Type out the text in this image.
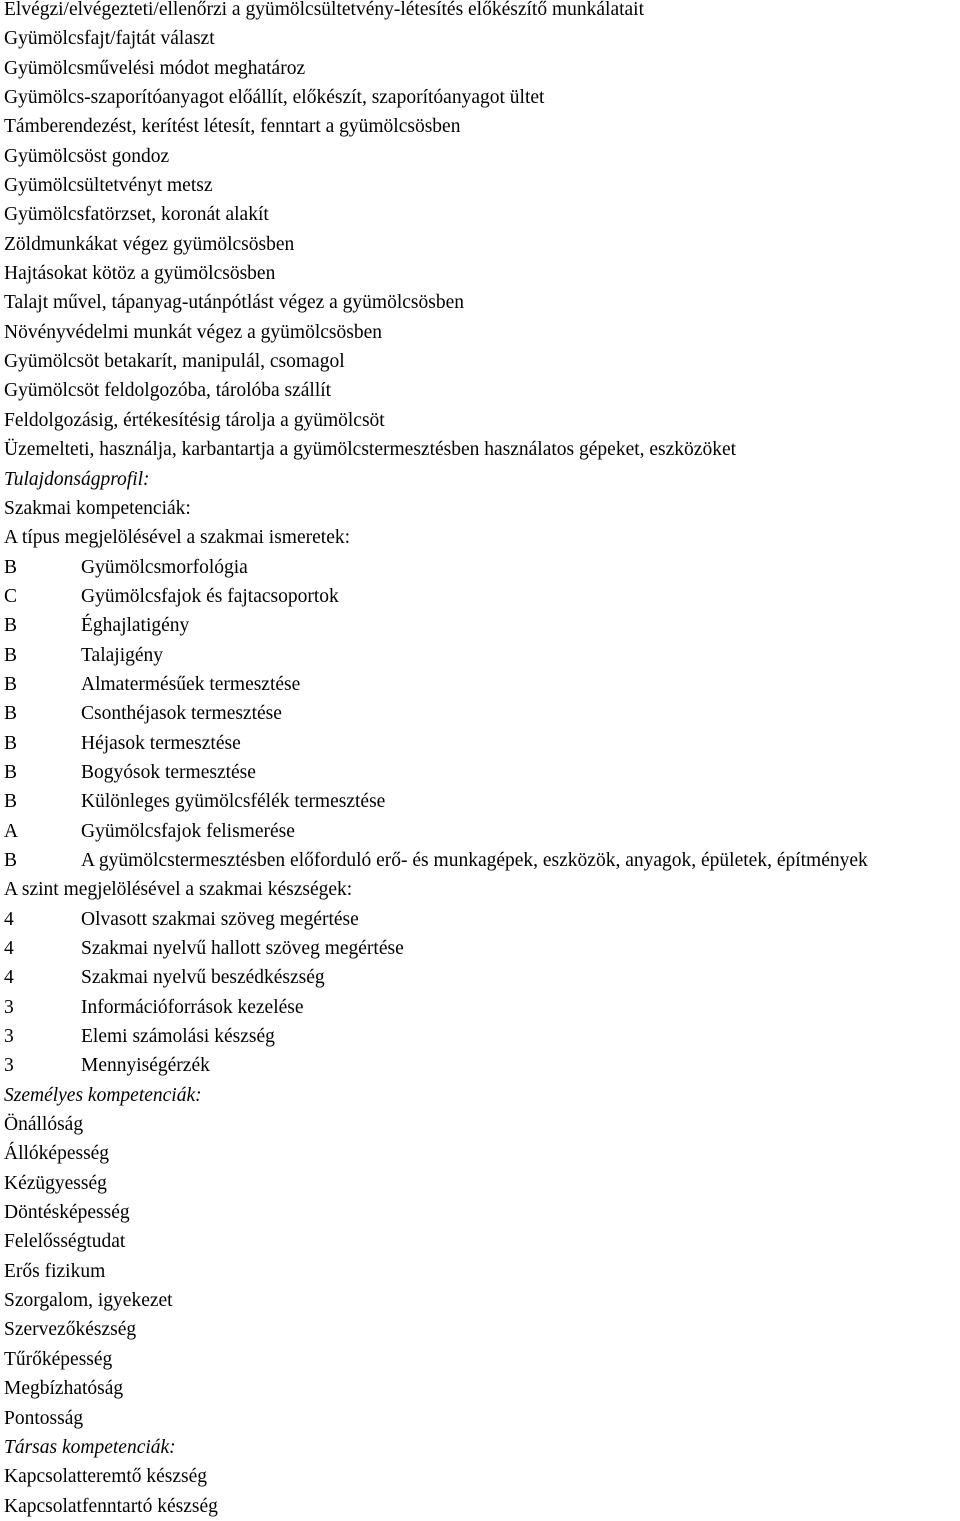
Elvégzi/elvégezteti/ellenőrzi a gyümölcsültetvény-létesítés előkészítő munkálatait
Gyümölcsfajt/fajtát választ
Gyümölcsművelési módot meghatároz
Gyümölcs-szaporítóanyagot előállít, előkészít, szaporítóanyagot ültet
Támberendezést, kerítést létesít, fenntart a gyümölcsösben
Gyümölcsöst gondoz
Gyümölcsültetvényt metsz
Gyümölcsfatörzset, koronát alakít
Zöldmunkákat végez gyümölcsösben
Hajtásokat kötöz a gyümölcsösben
Talajt művel, tápanyag-utánpótlást végez a gyümölcsösben
Növényvédelmi munkát végez a gyümölcsösben
Gyümölcsöt betakarít, manipulál, csomagol
Gyümölcsöt feldolgozóba, tárolóba szállít
Feldolgozásig, értékesítésig tárolja a gyümölcsöt
Üzemelteti, használja, karbantartja a gyümölcstermesztésben használatos gépeket, eszközöket
Tulajdonságprofil:
Szakmai kompetenciák:
A típus megjelölésével a szakmai ismeretek:
B	Gyümölcsmorfológia
C	Gyümölcsfajok és fajtacsoportok
B	Éghajlatigény
B	Talajigény
B	Almatermésűek termesztése
B	Csonthéjasok termesztése
B	Héjasok termesztése
B	Bogyósok termesztése
B	Különleges gyümölcsfélék termesztése
A	Gyümölcsfajok felismerése
B	A gyümölcstermesztésben előforduló erő- és munkagépek, eszközök, anyagok, épületek, építmények
A szint megjelölésével a szakmai készségek:
4	Olvasott szakmai szöveg megértése
4	Szakmai nyelvű hallott szöveg megértése
4	Szakmai nyelvű beszédkészség
3	Információforrások kezelése
3	Elemi számolási készség
3	Mennyiségérzék
Személyes kompetenciák:
Önállóság
Állóképesség
Kézügyesség
Döntésképesség
Felelősségtudat
Erős fizikum
Szorgalom, igyekezet
Szervezőkészség
Tűrőképesség
Megbízhatóság
Pontosság
Társas kompetenciák:
Kapcsolatteremtő készség
Kapcsolatfenntartó készség
